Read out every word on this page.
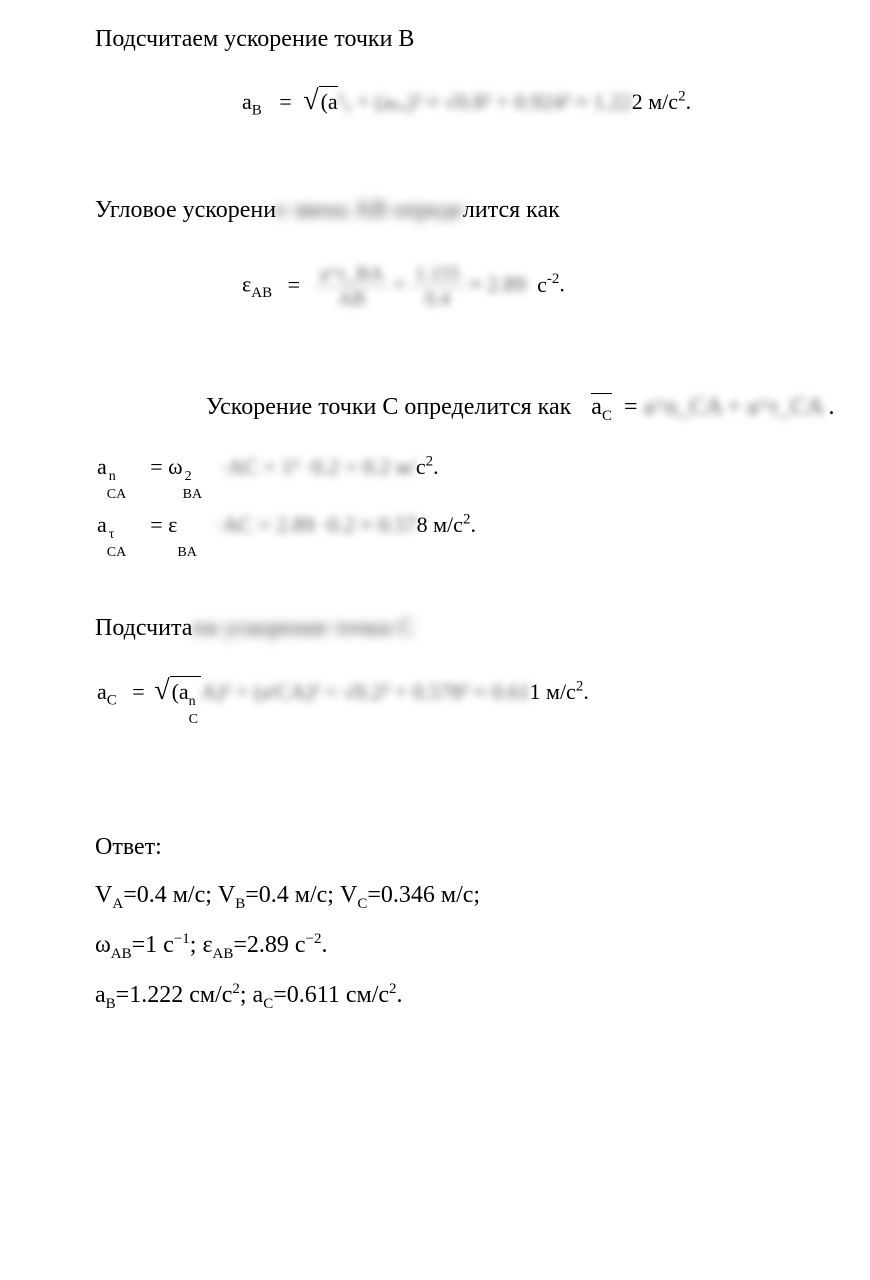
Подсчитаем ускорение точки В
$a_B$ = √(a²ᵤ + (aₙₐ)² ≈ √0.8² + 0.924² ≈ 1.222 $м/с^2$.
Угловое ускорение звена АВ определится как
$\varepsilon_{AB} = \frac{a\^{}\tau\_BA}{AB} = \frac{1.155}{0.4} \approx 2.89$ $с^{-2}$.
Ускорение точки С определится как $a_C$ = a^n_CA + a^τ_CA .
a n
CA
= ω 2
BA
·AC = 1² ·0.2 = 0.2 $м/с^2$.
a τ
CA
= ε
BA
·AC = 2.89 ·0.2 ≈ 0.578 $м/с^2$.
Подсчитаем ускорение точки С
$a_C = √(a$ n
C
A)² + (aᵗCA)² = √0.2² + 0.578² ≈ 0.611 $м/с^2$.
Ответ:
$V_A=0.4$ м/с; $V_B=0.4$ м/с; $V_C=0.346$ м/с;
$\omega_{AB}=1$ $с^{-1}$; $\varepsilon_{AB}=2.89$ $с^{-2}$.
$a_B=1.222$ $см/с^2$; $a_C=0.611$ $см/с^2$.
